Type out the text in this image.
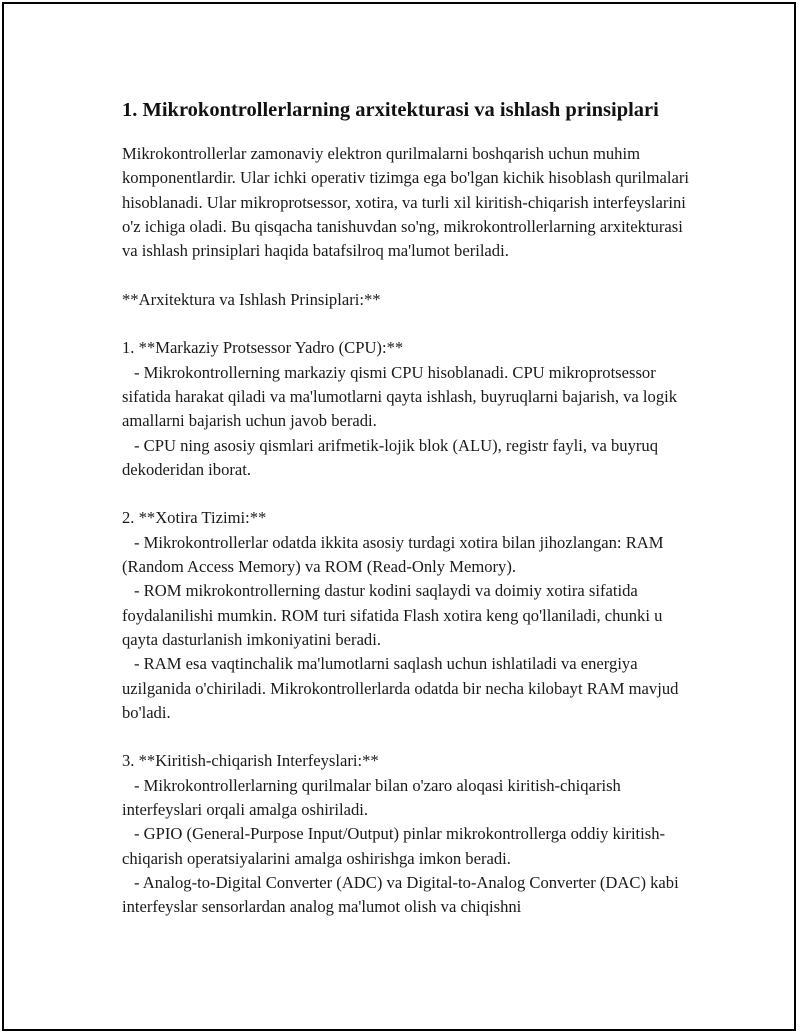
1. Mikrokontrollerlarning arxitekturasi va ishlash prinsiplari

Mikrokontrollerlar zamonaviy elektron qurilmalarni boshqarish uchun muhim komponentlardir. Ular ichki operativ tizimga ega bo'lgan kichik hisoblash qurilmalari hisoblanadi. Ular mikroprotsessor, xotira, va turli xil kiritish-chiqarish interfeyslarini o'z ichiga oladi. Bu qisqacha tanishuvdan so'ng, mikrokontrollerlarning arxitekturasi va ishlash prinsiplari haqida batafsilroq ma'lumot beriladi.

**Arxitektura va Ishlash Prinsiplari:**

1. **Markaziy Protsessor Yadro (CPU):**

- Mikrokontrollerning markaziy qismi CPU hisoblanadi. CPU mikroprotsessor sifatida harakat qiladi va ma'lumotlarni qayta ishlash, buyruqlarni bajarish, va logik amallarni bajarish uchun javob beradi.

- CPU ning asosiy qismlari arifmetik-lojik blok (ALU), registr fayli, va buyruq dekoderidan iborat.

2. **Xotira Tizimi:**

- Mikrokontrollerlar odatda ikkita asosiy turdagi xotira bilan jihozlangan: RAM (Random Access Memory) va ROM (Read-Only Memory).

- ROM mikrokontrollerning dastur kodini saqlaydi va doimiy xotira sifatida foydalanilishi mumkin. ROM turi sifatida Flash xotira keng qo'llaniladi, chunki u qayta dasturlanish imkoniyatini beradi.

- RAM esa vaqtinchalik ma'lumotlarni saqlash uchun ishlatiladi va energiya uzilganida o'chiriladi. Mikrokontrollerlarda odatda bir necha kilobayt RAM mavjud bo'ladi.

3. **Kiritish-chiqarish Interfeyslari:**

- Mikrokontrollerlarning qurilmalar bilan o'zaro aloqasi kiritish-chiqarish interfeyslari orqali amalga oshiriladi.

- GPIO (General-Purpose Input/Output) pinlar mikrokontrollerga oddiy kiritish-chiqarish operatsiyalarini amalga oshirishga imkon beradi.

- Analog-to-Digital Converter (ADC) va Digital-to-Analog Converter (DAC) kabi interfeyslar sensorlardan analog ma'lumot olish va chiqishni
